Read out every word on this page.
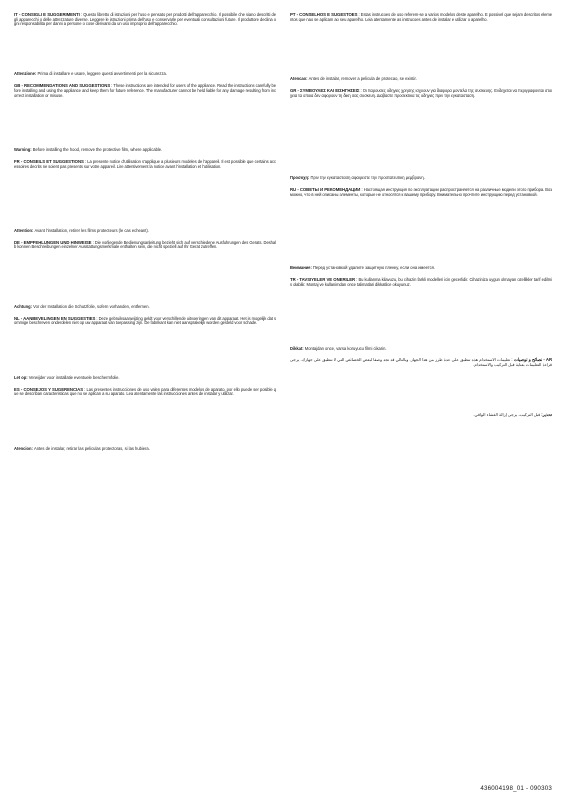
IT - CONSIGLI E SUGGERIMENTI : Questo libretto di istruzioni per l'uso e pensato per prodotti dell'apparecchio. Il possibile che siano descritti degli apparecchi o delle attrezzature diverse. Leggere le istruzioni prima dell'uso e conservarle per eventuali consultazioni future. Il produttore declina ogni responsabilita per danni a persone o cose derivanti da un uso improprio dell'apparecchio.
Attenzione: Prima di installare e usare, leggere questi avvertimenti per la sicurezza.
GB - RECOMMENDATIONS AND SUGGESTIONS : These instructions are intended for users of the appliance. Read the instructions carefully before installing and using the appliance and keep them for future reference. The manufacturer cannot be held liable for any damage resulting from incorrect installation or misuse.
Warning: Before installing the hood, remove the protective film, where applicable.
FR - CONSEILS ET SUGGESTIONS : La presente notice d'utilisation s'applique a plusieurs modeles de l'appareil. Il est possible que certains accessoires decrits ne soient pas presents sur votre appareil. Lire attentivement la notice avant l'installation et l'utilisation.
Attention: Avant l'installation, retirer les films protecteurs (le cas echeant).
DE - EMPFEHLUNGEN UND HINWEISE : Die vorliegende Bedienungsanleitung bezieht sich auf verschiedene Ausfuhrungen des Gerats. Deshalb konnen Beschreibungen einzelner Ausstattungsmerkmale enthalten sein, die nicht speziell auf Ihr Gerat zutreffen.
Achtung: Vor der Installation die Schutzfolie, sofern vorhanden, entfernen.
NL - AANBEVELINGEN EN SUGGESTIES : Deze gebruiksaanwijzing geldt voor verschillende uitvoeringen van dit apparaat. Het is mogelijk dat sommige beschreven onderdelen niet op uw apparaat van toepassing zijn. De fabrikant kan niet aansprakelijk worden gesteld voor schade.
Let op: Verwijder voor installatie eventuele beschermfolie.
ES - CONSEJOS Y SUGERENCIAS : Las presentes instrucciones de uso valen para diferentes modelos de aparato, por ello puede ser posible que se describan caracteristicas que no se aplican a su aparato. Lea atentamente las instrucciones antes de instalar y utilizar.
Atencion: Antes de instalar, retirar las peliculas protectoras, si las hubiera.
PT - CONSELHOS E SUGESTOES : Estas instrucoes de uso referem-se a varios modelos deste aparelho. E possivel que sejam descritos elementos que nao se aplicam ao seu aparelho. Leia atentamente as instrucoes antes de instalar e utilizar o aparelho.
Atencao: Antes de instalar, remover a pelicula de protecao, se existir.
GR - ΣΥΜΒΟΥΛΕΣ ΚΑΙ ΕΙΣΗΓΗΣΕΙΣ : Οι παρουσες οδηγιες χρησης ισχυουν για διαφορα μοντελα της συσκευης. Ενδεχεται να περιγραφονται στοιχεια τα οποια δεν αφορουν τη δικη σας συσκευη. Διαβαστε προσεκτικα τις οδηγιες πριν την εγκατασταση.
Προσοχη: Πριν την εγκατασταση αφαιρεστε την προστατευτικη μεμβρανη.
RU - СОВЕТЫ И РЕКОМЕНДАЦИИ : Настоящая инструкция по эксплуатации распространяется на различные модели этого прибора. Возможно, что в ней описаны элементы, которые не относятся к вашему прибору. Внимательно прочтите инструкцию перед установкой.
Внимание: Перед установкой удалите защитную пленку, если она имеется.
TR - TAVSIYELER VE ONERILER : Bu kullanma kilavuzu, bu cihazin farkli modelleri icin gecerlidir. Cihaziniza uygun olmayan ozellikler tarif edilmis olabilir. Montaj ve kullanimdan once talimatlari dikkatlice okuyunuz.
Dikkat: Montajdan once, varsa koruyucu filmi cikarin.
AR - نصائح و توصيات : تعليمات الاستخدام هذه تنطبق على عدة طرز من هذا الجهاز. وبالتالي قد تجد وصفا لبعض الخصائص التي لا تنطبق على جهازك. يرجى قراءة التعليمات بعناية قبل التركيب والاستخدام.
تحذير: قبل التركيب، يرجى إزالة الغشاء الواقي.
436004198_01 - 090303
